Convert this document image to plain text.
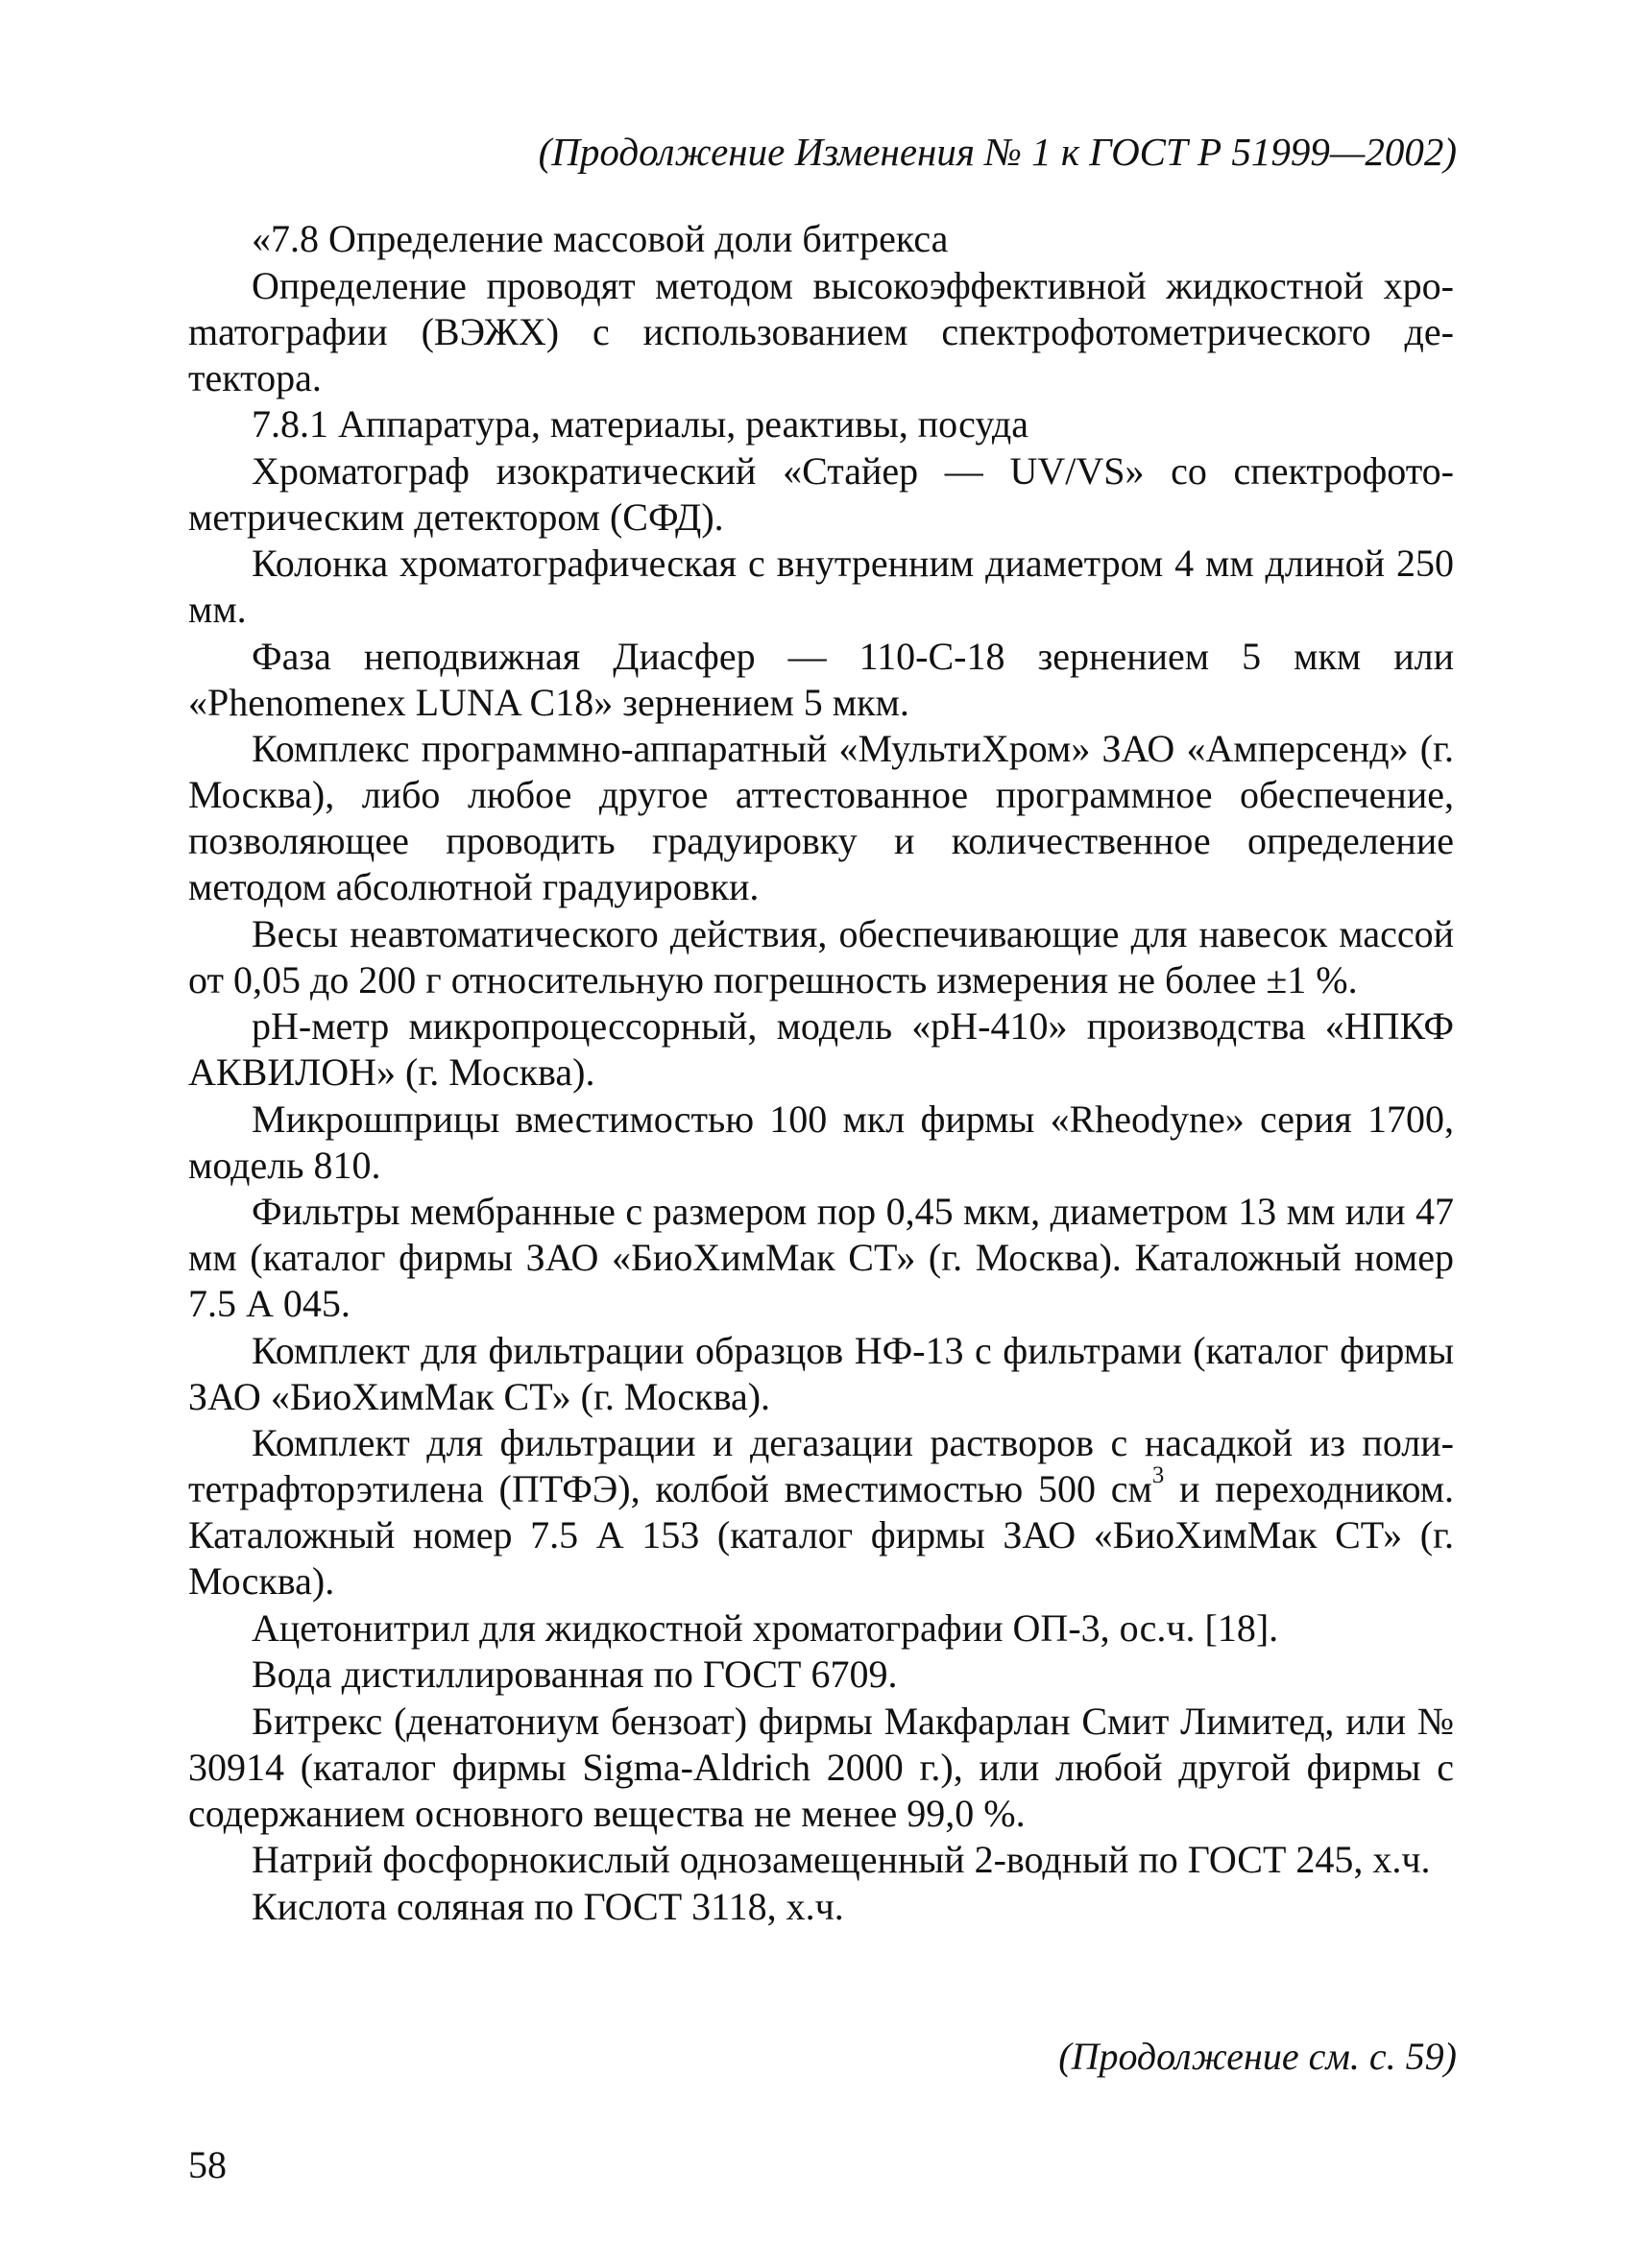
(Продолжение Изменения № 1 к ГОСТ Р 51999—2002)

«7.8 Определение массовой доли битрекса

Определение проводят методом высокоэффективной жидкостной хроmатографии (ВЭЖХ) с использованием спектрофотометрического детектора.

7.8.1 Аппаратура, материалы, реактивы, посуда

Хроматограф изократический «Стайер — UV/VS» со спектрофотометрическим детектором (СФД).

Колонка хроматографическая с внутренним диаметром 4 мм длиной 250 мм.

Фаза неподвижная Диасфер — 110-С-18 зернением 5 мкм или «Phenomenex LUNA C18» зернением 5 мкм.

Комплекс программно-аппаратный «МультиХром» ЗАО «Амперсенд» (г. Москва), либо любое другое аттестованное программное обеспечение, позволяющее проводить градуировку и количественное определение методом абсолютной градуировки.

Весы неавтоматического действия, обеспечивающие для навесок массой от 0,05 до 200 г относительную погрешность измерения не более ±1 %.

pH-метр микропроцессорный, модель «pH-410» производства «НПКФ АКВИЛОН» (г. Москва).

Микрошприцы вместимостью 100 мкл фирмы «Rheodyne» серия 1700, модель 810.

Фильтры мембранные с размером пор 0,45 мкм, диаметром 13 мм или 47 мм (каталог фирмы ЗАО «БиоХимМак СТ» (г. Москва). Каталожный номер 7.5 А 045.

Комплект для фильтрации образцов НФ-13 с фильтрами (каталог фирмы ЗАО «БиоХимМак СТ» (г. Москва).

Комплект для фильтрации и дегазации растворов с насадкой из политетрафторэтилена (ПТФЭ), колбой вместимостью 500 $см^3$ и переходником. Каталожный номер 7.5 А 153 (каталог фирмы ЗАО «БиоХимМак СТ» (г. Москва).

Ацетонитрил для жидкостной хроматографии ОП-3, ос.ч. [18].

Вода дистиллированная по ГОСТ 6709.

Битрекс (денатониум бензоат) фирмы Макфарлан Смит Лимитед, или № 30914 (каталог фирмы Sigma-Aldrich 2000 г.), или любой другой фирмы с содержанием основного вещества не менее 99,0 %.

Натрий фосфорнокислый однозамещенный 2-водный по ГОСТ 245, х.ч.

Кислота соляная по ГОСТ 3118, х.ч.

(Продолжение см. с. 59)
58
